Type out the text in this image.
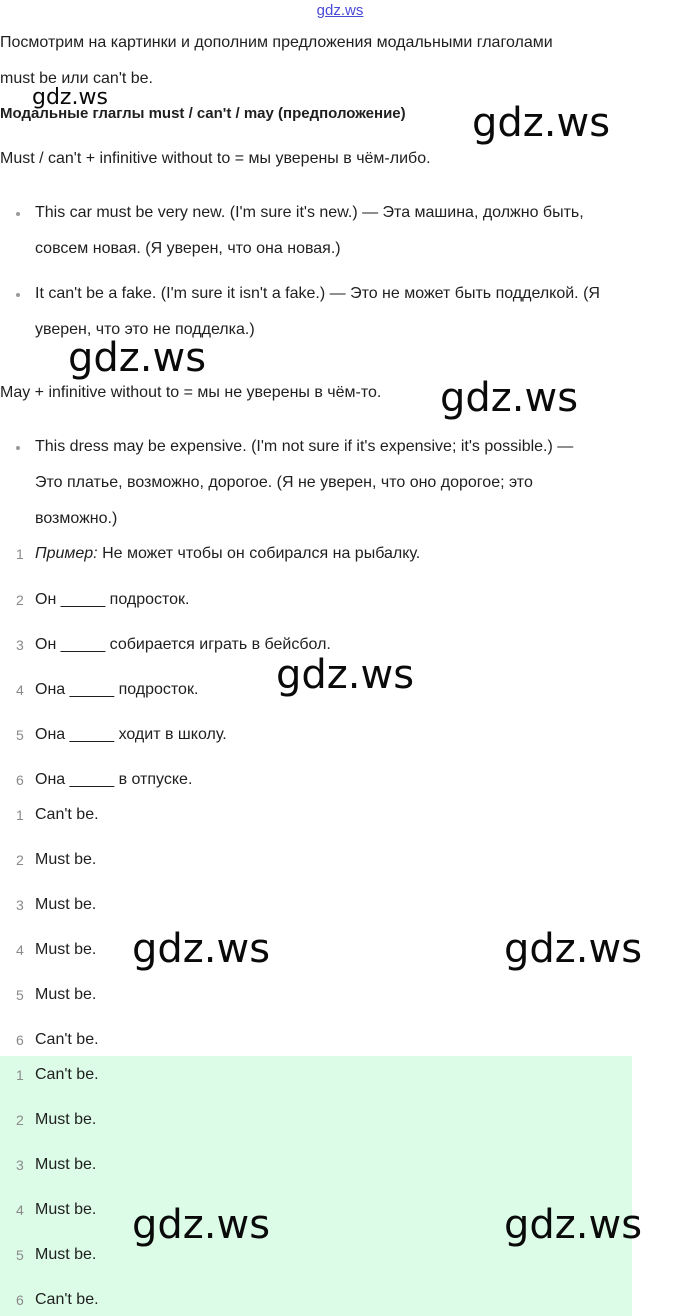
gdz.ws
Посмотрим на картинки и дополним предложения модальными глаголами
must be или can't be.
Модальные глаглы must / can't / may (предположение)
Must / can't + infinitive without to = мы уверены в чём-либо.
This car must be very new. (I'm sure it's new.) — Эта машина, должно быть,
совсем новая. (Я уверен, что она новая.)
It can't be a fake. (I'm sure it isn't a fake.) — Это не может быть подделкой. (Я
уверен, что это не подделка.)
May + infinitive without to = мы не уверены в чём-то.
This dress may be expensive. (I'm not sure if it's expensive; it's possible.) —
Это платье, возможно, дорогое. (Я не уверен, что оно дорогое; это
возможно.)
1 Пример: Не может чтобы он собирался на рыбалку.
2 Он _____ подросток.
3 Он _____ собирается играть в бейсбол.
4 Она _____ подросток.
5 Она _____ ходит в школу.
6 Она _____ в отпуске.
1 Can't be.
2 Must be.
3 Must be.
4 Must be.
5 Must be.
6 Can't be.
1 Can't be.
2 Must be.
3 Must be.
4 Must be.
5 Must be.
6 Can't be.
gdz.ws
gdz.ws
gdz.ws
gdz.ws
gdz.ws
gdz.ws	gdz.ws
gdz.ws	gdz.ws
